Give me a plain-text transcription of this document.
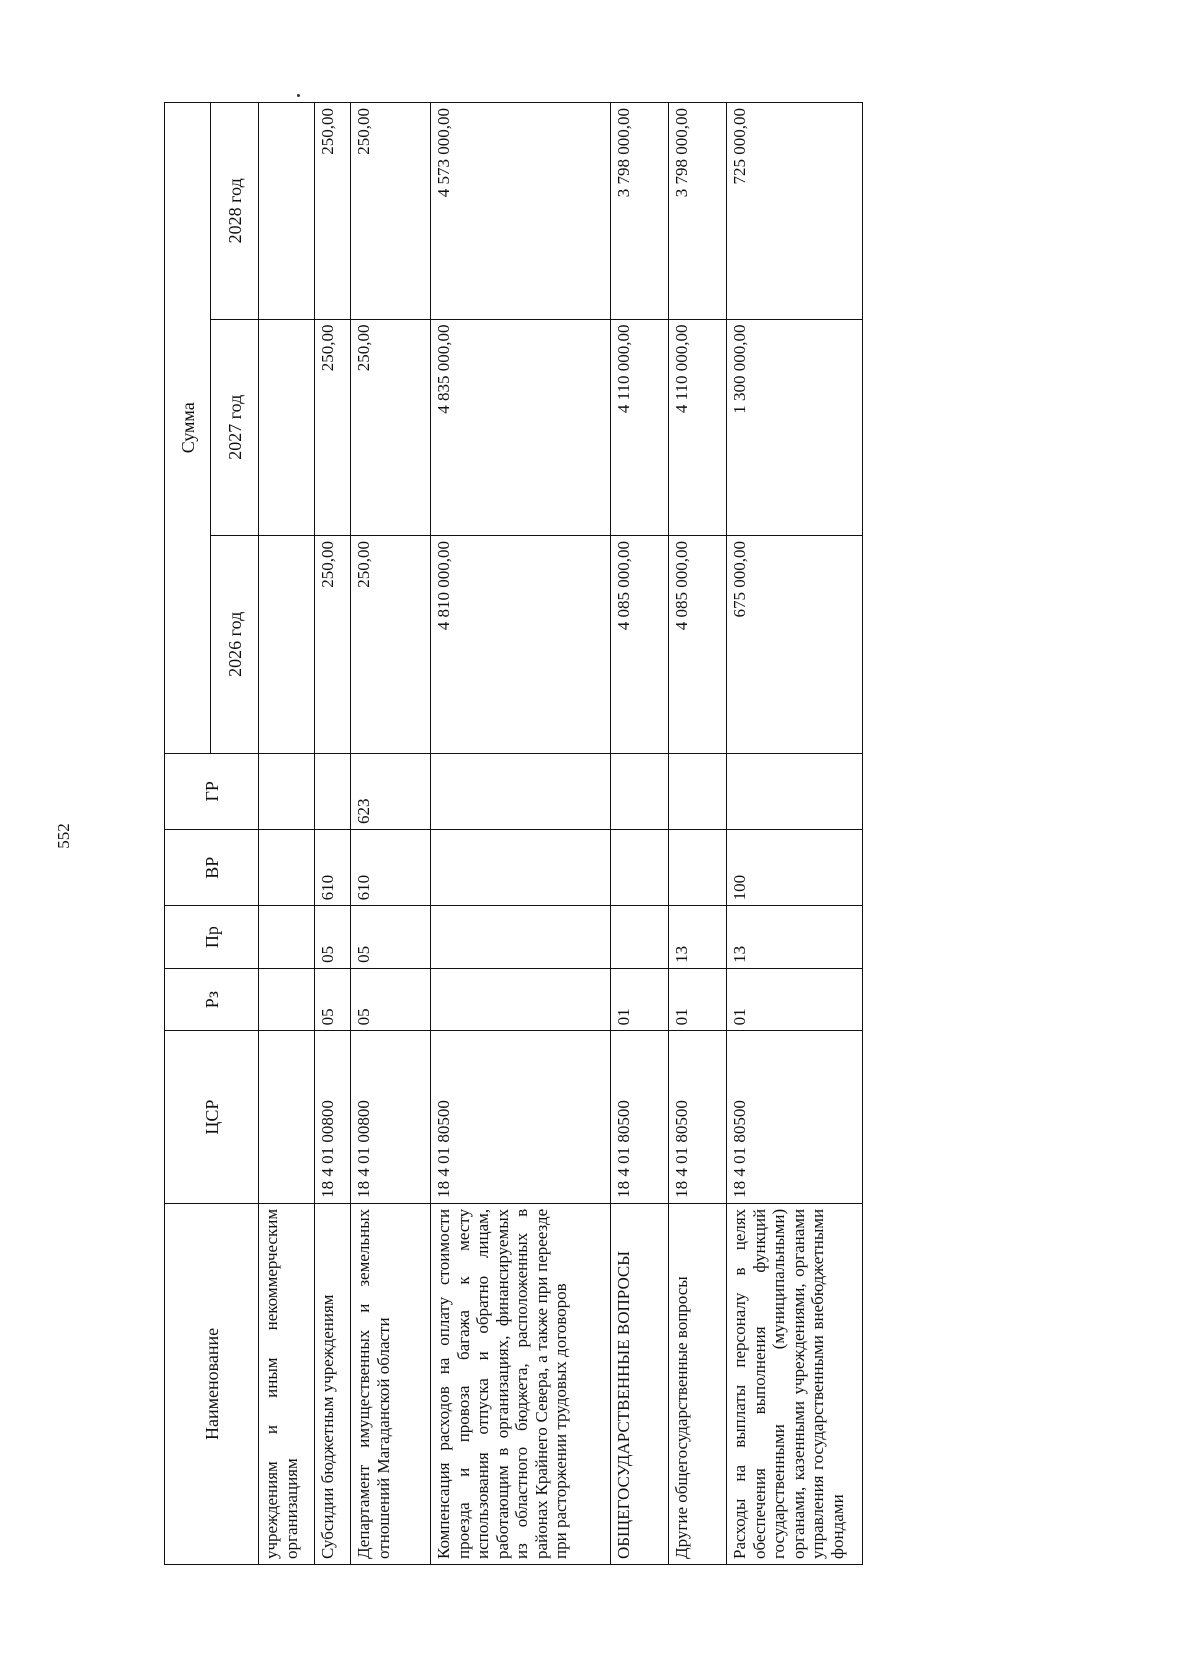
552
Наименование	ЦСР	Рз	Пр	ВР	ГР	Сумма		
						2026 год	2027 год	2028 год
учреждениям и иным некоммерческим организациям								
Субсидии бюджетным учреждениям	18 4 01 00800	05	05	610		250,00	250,00	250,00
Департамент имущественных и земельных отношений Магаданской области	18 4 01 00800	05	05	610	623	250,00	250,00	250,00
Компенсация расходов на оплату стоимости проезда и провоза багажа к месту использования отпуска и обратно лицам, работающим в организациях, финансируемых из областного бюджета, расположенных в районах Крайнего Севера, а также при переезде при расторжении трудовых договоров	18 4 01 80500					4 810 000,00	4 835 000,00	4 573 000,00
ОБЩЕГОСУДАРСТВЕННЫЕ ВОПРОСЫ	18 4 01 80500	01				4 085 000,00	4 110 000,00	3 798 000,00
Другие общегосударственные вопросы	18 4 01 80500	01	13			4 085 000,00	4 110 000,00	3 798 000,00
Расходы на выплаты персоналу в целях обеспечения выполнения функций государственными (муниципальными) органами, казенными учреждениями, органами управления государственными внебюджетными фондами	18 4 01 80500	01	13	100		675 000,00	1 300 000,00	725 000,00
